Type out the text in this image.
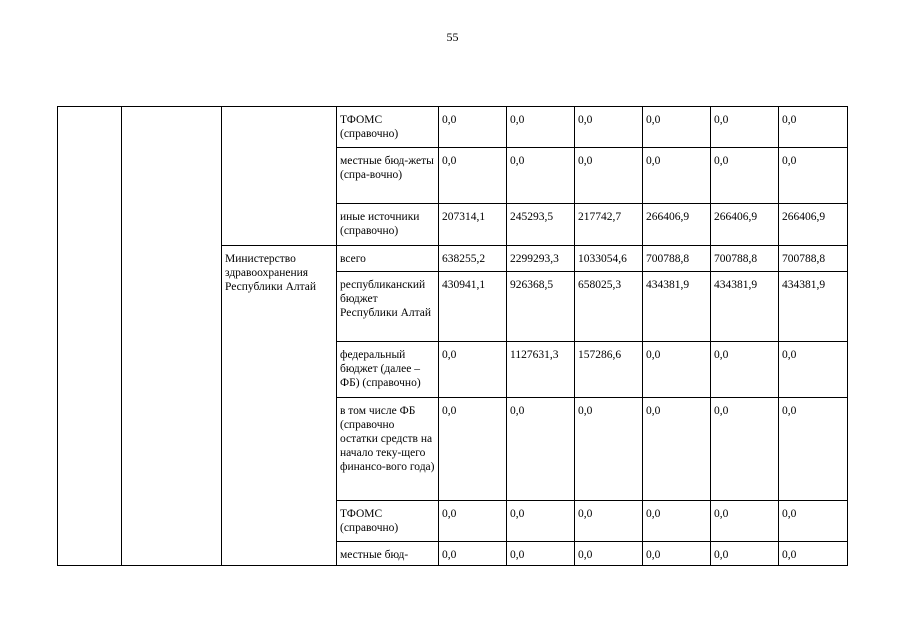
55
			ТФОМС (справочно)	0,0	0,0	0,0	0,0	0,0	0,0
			местные бюд-жеты (спра-вочно)	0,0	0,0	0,0	0,0	0,0	0,0
			иные источники (справочно)	207314,1	245293,5	217742,7	266406,9	266406,9	266406,9
		Министерство здравоохранения Республики Алтай	всего	638255,2	2299293,3	1033054,6	700788,8	700788,8	700788,8
			республиканский бюджет Республики Алтай	430941,1	926368,5	658025,3	434381,9	434381,9	434381,9
			федеральный бюджет (далее – ФБ) (справочно)	0,0	1127631,3	157286,6	0,0	0,0	0,0
			в том числе ФБ (справочно остатки средств на начало теку-щего финансо-вого года)	0,0	0,0	0,0	0,0	0,0	0,0
			ТФОМС (справочно)	0,0	0,0	0,0	0,0	0,0	0,0
			местные бюд-	0,0	0,0	0,0	0,0	0,0	0,0
